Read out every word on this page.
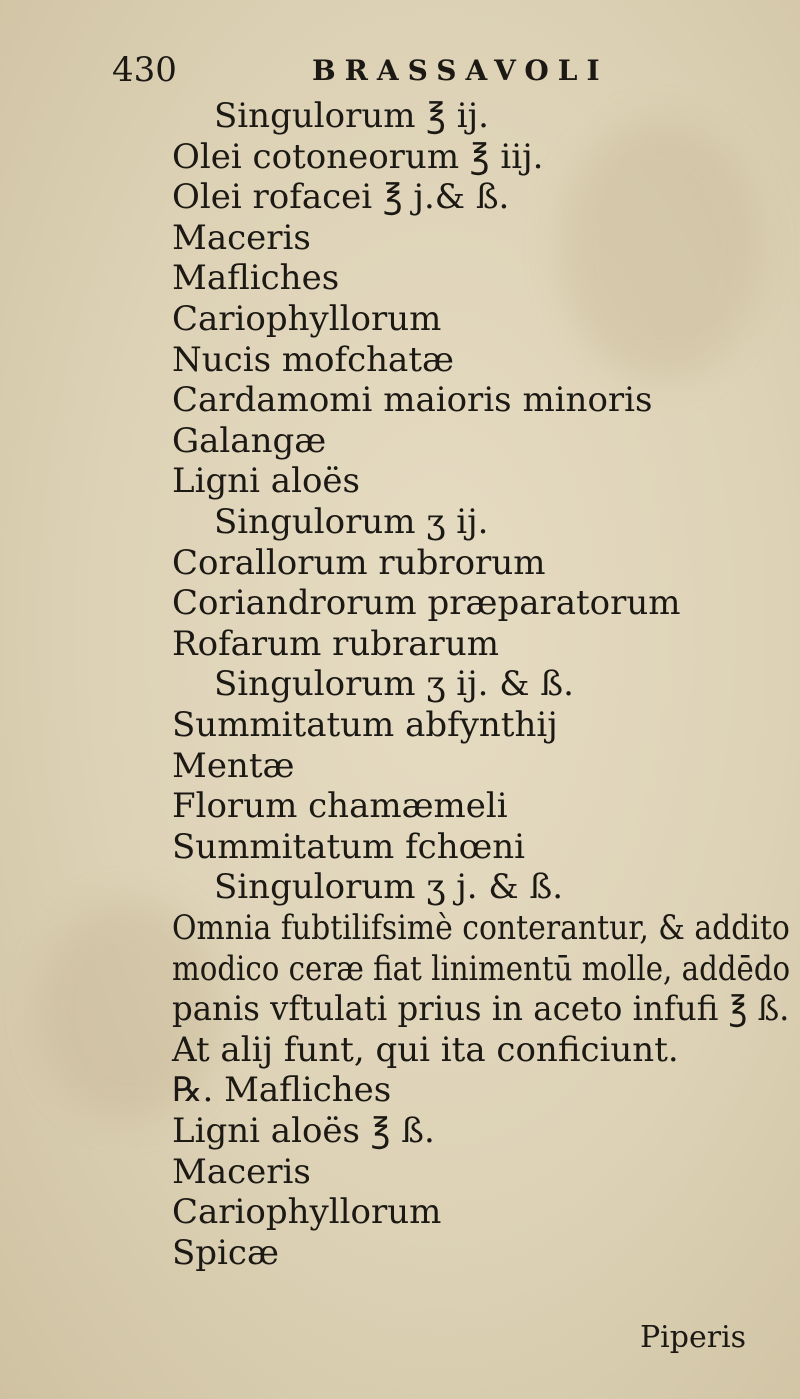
430	BRASSAVOLI
Singulorum ℥ ij.
Olei cotoneorum ℥ iij.
Olei rofacei ℥ j.& ß.
Maceris
Mafliches
Cariophyllorum
Nucis mofchatæ
Cardamomi maioris minoris
Galangæ
Ligni aloës
Singulorum ʒ ij.
Corallorum rubrorum
Coriandrorum præparatorum
Rofarum rubrarum
Singulorum ʒ ij. & ß.
Summitatum abfynthij
Mentæ
Florum chamæmeli
Summitatum fchœni
Singulorum ʒ j. & ß.
Omnia fubtilifsimè conterantur, & addito
modico ceræ fiat linimentū molle, addēdo
panis vftulati prius in aceto infufi ℥ ß.
At alij funt, qui ita conficiunt.
℞. Mafliches
Ligni aloës ℥ ß.
Maceris
Cariophyllorum
Spicæ
Piperis
